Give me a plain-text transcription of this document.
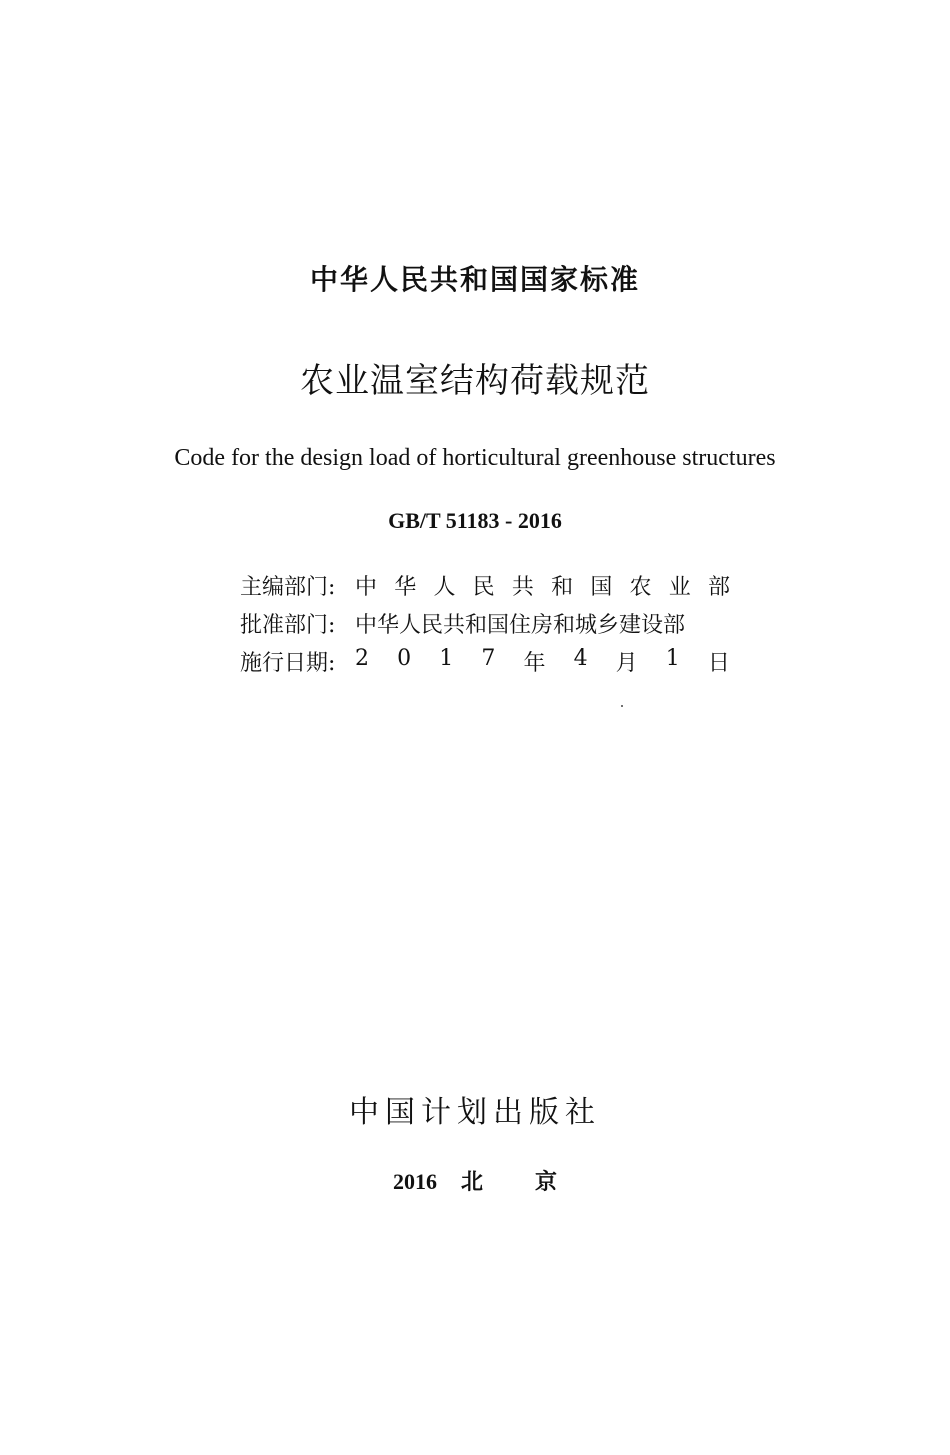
中华人民共和国国家标准
农业温室结构荷载规范
Code for the design load of horticultural greenhouse structures
GB/T 51183 - 2016
主编部门: 中 华 人 民 共 和 国 农 业 部
批准部门: 中华人民共和国住房和城乡建设部
施行日期: 2 0 1 7 年 4 月 1 日
中国计划出版社
2016 北 京
